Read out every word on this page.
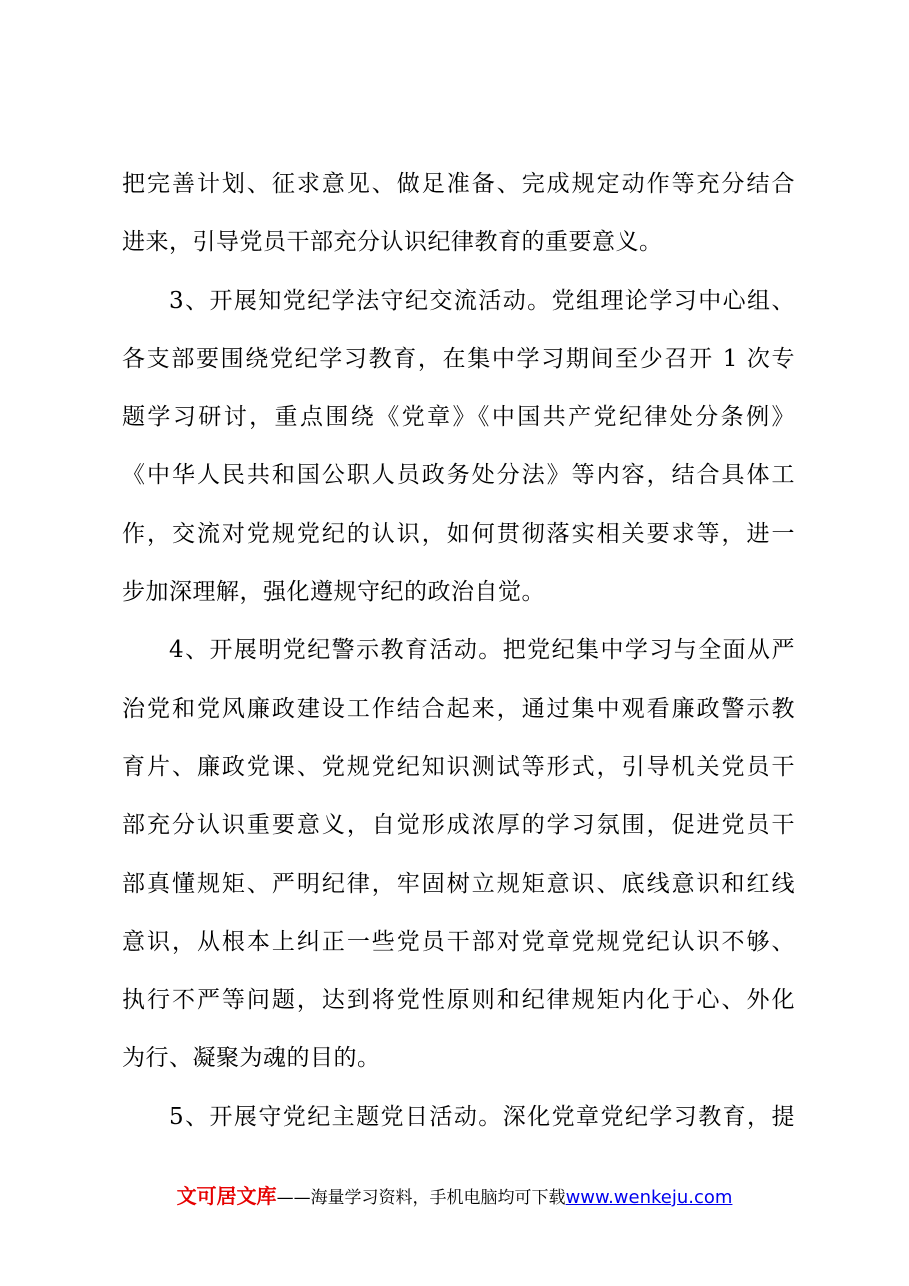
把完善计划、征求意见、做足准备、完成规定动作等充分结合
进来，引导党员干部充分认识纪律教育的重要意义。
3、开展知党纪学法守纪交流活动。党组理论学习中心组、
各支部要围绕党纪学习教育，在集中学习期间至少召开 1 次专
题学习研讨，重点围绕《党章》《中国共产党纪律处分条例》
《中华人民共和国公职人员政务处分法》等内容，结合具体工
作，交流对党规党纪的认识，如何贯彻落实相关要求等，进一
步加深理解，强化遵规守纪的政治自觉。
4、开展明党纪警示教育活动。把党纪集中学习与全面从严
治党和党风廉政建设工作结合起来，通过集中观看廉政警示教
育片、廉政党课、党规党纪知识测试等形式，引导机关党员干
部充分认识重要意义，自觉形成浓厚的学习氛围，促进党员干
部真懂规矩、严明纪律，牢固树立规矩意识、底线意识和红线
意识，从根本上纠正一些党员干部对党章党规党纪认识不够、
执行不严等问题，达到将党性原则和纪律规矩内化于心、外化
为行、凝聚为魂的目的。
5、开展守党纪主题党日活动。深化党章党纪学习教育，提
文可居文库——海量学习资料，手机电脑均可下载www.wenkeju.com
